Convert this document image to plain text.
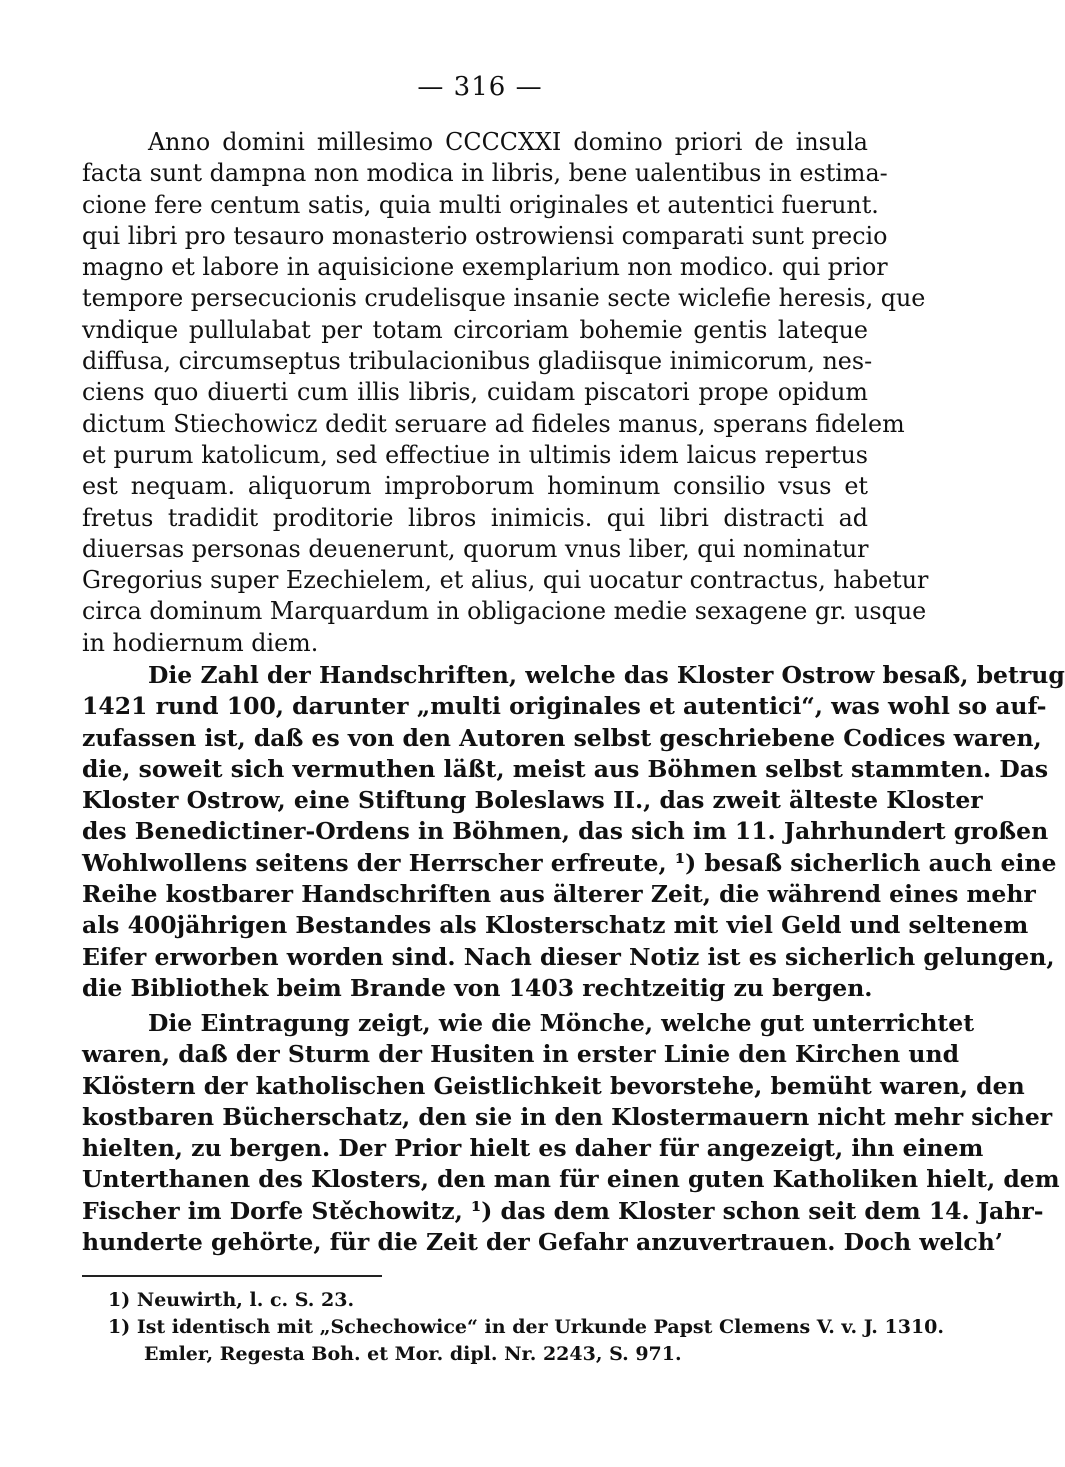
— 316 —
Anno domini millesimo CCCCXXI domino priori de insula
facta sunt dampna non modica in libris, bene ualentibus in estima-
cione fere centum satis, quia multi originales et autentici fuerunt.
qui libri pro tesauro monasterio ostrowiensi comparati sunt precio
magno et labore in aquisicione exemplarium non modico. qui prior
tempore persecucionis crudelisque insanie secte wiclefie heresis, que
vndique pullulabat per totam circoriam bohemie gentis lateque
diffusa, circumseptus tribulacionibus gladiisque inimicorum, nes-
ciens quo diuerti cum illis libris, cuidam piscatori prope opidum
dictum Stiechowicz dedit seruare ad fideles manus, sperans fidelem
et purum katolicum, sed effectiue in ultimis idem laicus repertus
est nequam. aliquorum improborum hominum consilio vsus et
fretus tradidit proditorie libros inimicis. qui libri distracti ad
diuersas personas deuenerunt, quorum vnus liber, qui nominatur
Gregorius super Ezechielem, et alius, qui uocatur contractus, habetur
circa dominum Marquardum in obligacione medie sexagene gr. usque
in hodiernum diem.
Die Zahl der Handschriften, welche das Kloster Ostrow besaß, betrug
1421 rund 100, darunter „multi originales et autentici“, was wohl so auf-
zufassen ist, daß es von den Autoren selbst geschriebene Codices waren,
die, soweit sich vermuthen läßt, meist aus Böhmen selbst stammten. Das
Kloster Ostrow, eine Stiftung Boleslaws II., das zweit älteste Kloster
des Benedictiner-Ordens in Böhmen, das sich im 11. Jahrhundert großen
Wohlwollens seitens der Herrscher erfreute, ¹) besaß sicherlich auch eine
Reihe kostbarer Handschriften aus älterer Zeit, die während eines mehr
als 400jährigen Bestandes als Klosterschatz mit viel Geld und seltenem
Eifer erworben worden sind. Nach dieser Notiz ist es sicherlich gelungen,
die Bibliothek beim Brande von 1403 rechtzeitig zu bergen.
Die Eintragung zeigt, wie die Mönche, welche gut unterrichtet
waren, daß der Sturm der Husiten in erster Linie den Kirchen und
Klöstern der katholischen Geistlichkeit bevorstehe, bemüht waren, den
kostbaren Bücherschatz, den sie in den Klostermauern nicht mehr sicher
hielten, zu bergen. Der Prior hielt es daher für angezeigt, ihn einem
Unterthanen des Klosters, den man für einen guten Katholiken hielt, dem
Fischer im Dorfe Stěchowitz, ¹) das dem Kloster schon seit dem 14. Jahr-
hunderte gehörte, für die Zeit der Gefahr anzuvertrauen. Doch welch’
1) Neuwirth, l. c. S. 23.
1) Ist identisch mit „Schechowice“ in der Urkunde Papst Clemens V. v. J. 1310.
Emler, Regesta Boh. et Mor. dipl. Nr. 2243, S. 971.
